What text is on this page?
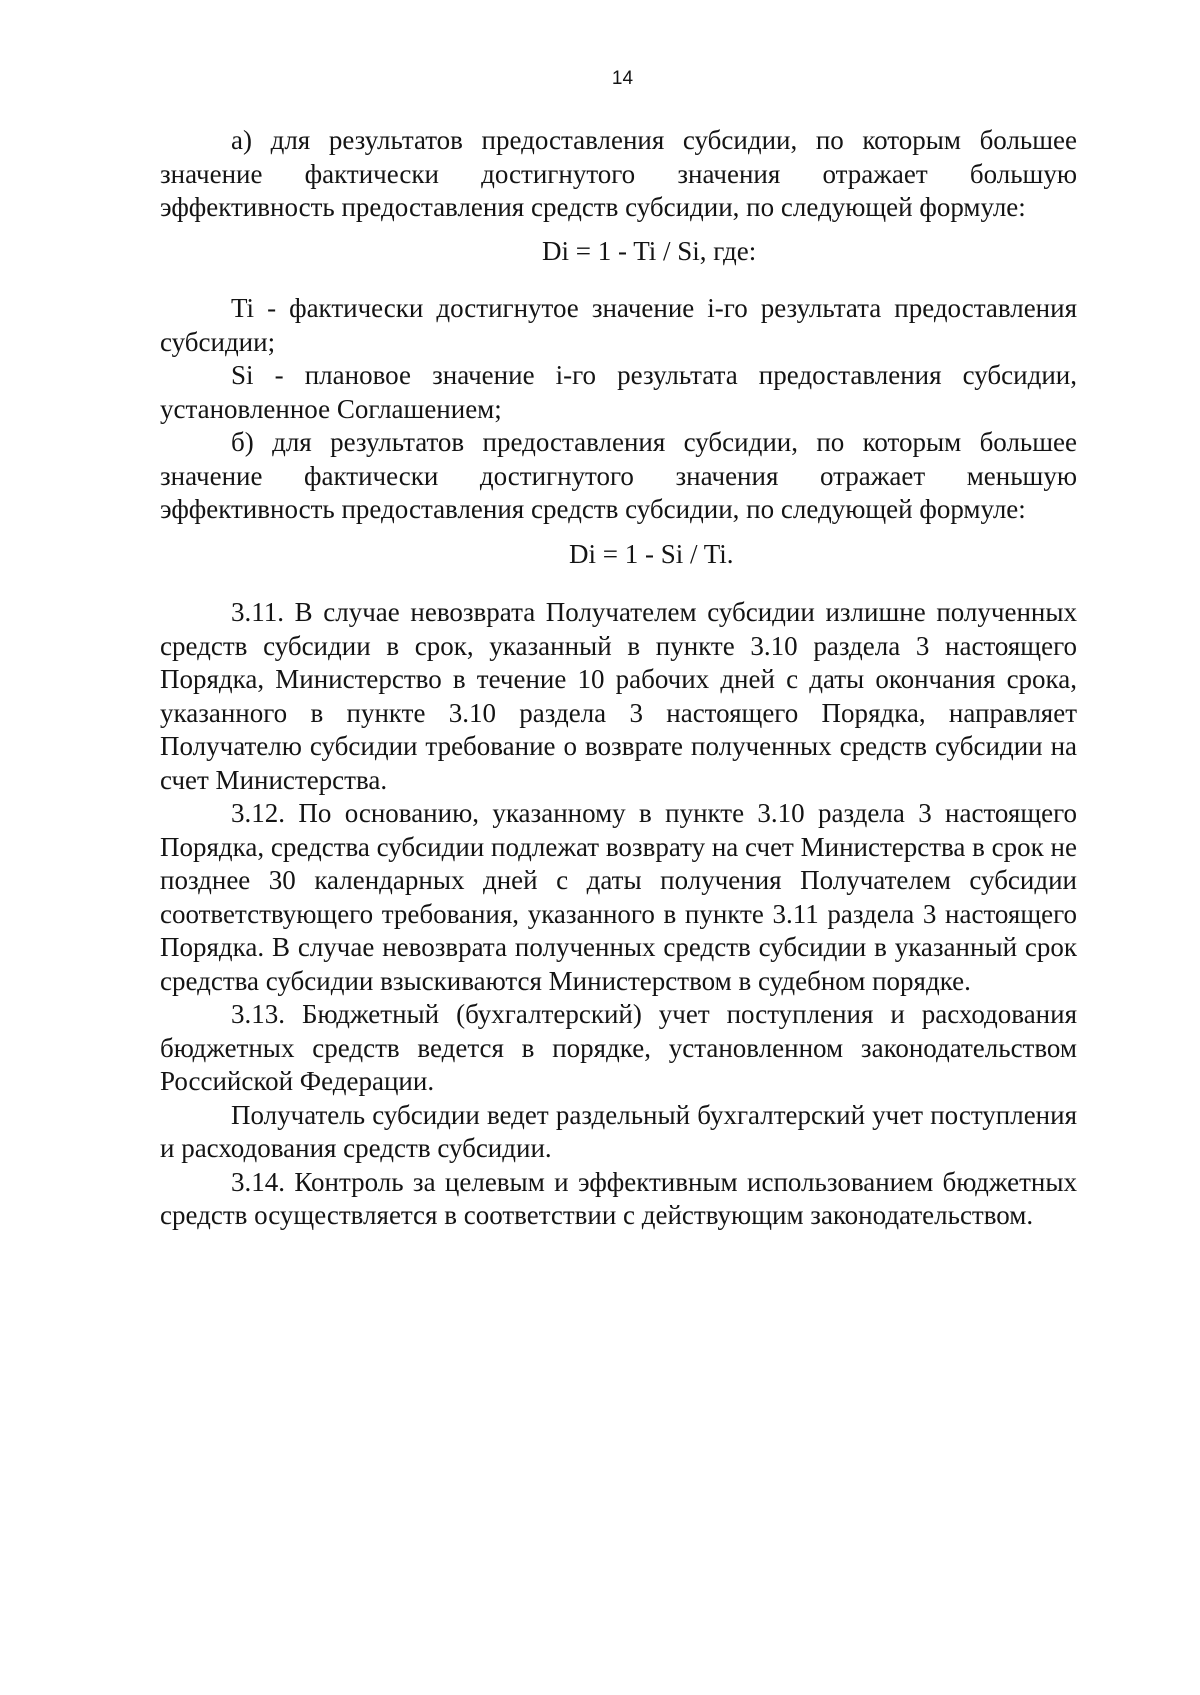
14

а) для результатов предоставления субсидии, по которым большее значение фактически достигнутого значения отражает большую эффективность предоставления средств субсидии, по следующей формуле:

Di = 1 - Ti / Si, где:

Ti - фактически достигнутое значение i-го результата предоставления субсидии;

Si - плановое значение i-го результата предоставления субсидии, установленное Соглашением;

б) для результатов предоставления субсидии, по которым большее значение фактически достигнутого значения отражает меньшую эффективность предоставления средств субсидии, по следующей формуле:

Di = 1 - Si / Ti.

3.11. В случае невозврата Получателем субсидии излишне полученных средств субсидии в срок, указанный в пункте 3.10 раздела 3 настоящего Порядка, Министерство в течение 10 рабочих дней с даты окончания срока, указанного в пункте 3.10 раздела 3 настоящего Порядка, направляет Получателю субсидии требование о возврате полученных средств субсидии на счет Министерства.

3.12. По основанию, указанному в пункте 3.10 раздела 3 настоящего Порядка, средства субсидии подлежат возврату на счет Министерства в срок не позднее 30 календарных дней с даты получения Получателем субсидии соответствующего требования, указанного в пункте 3.11 раздела 3 настоящего Порядка. В случае невозврата полученных средств субсидии в указанный срок средства субсидии взыскиваются Министерством в судебном порядке.

3.13. Бюджетный (бухгалтерский) учет поступления и расходования бюджетных средств ведется в порядке, установленном законодательством Российской Федерации.

Получатель субсидии ведет раздельный бухгалтерский учет поступления и расходования средств субсидии.

3.14. Контроль за целевым и эффективным использованием бюджетных средств осуществляется в соответствии с действующим законодательством.
